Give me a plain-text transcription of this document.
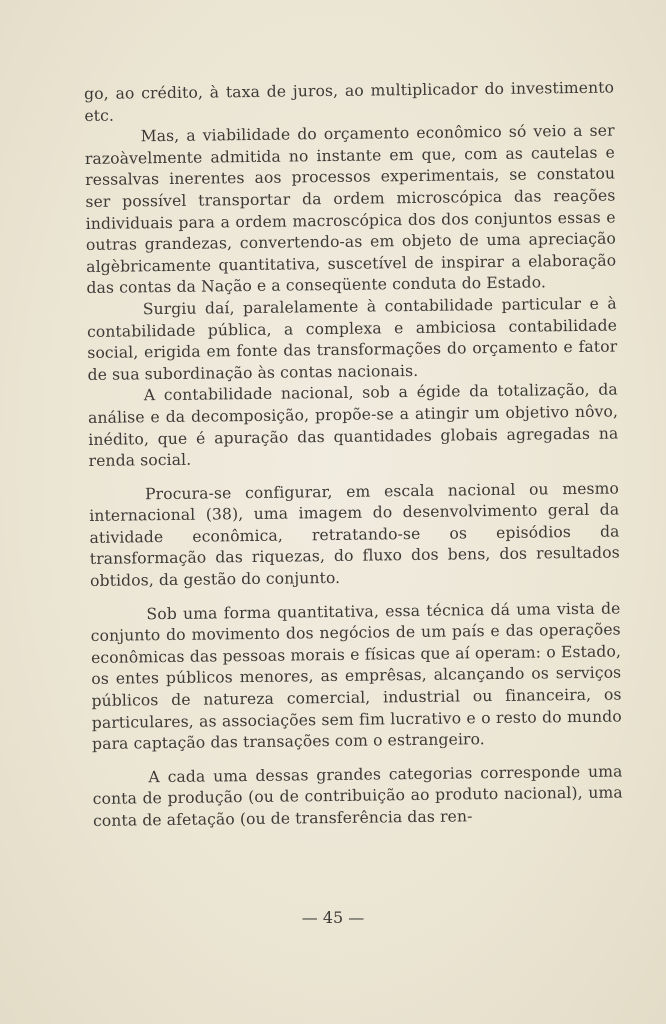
go, ao crédito, à taxa de juros, ao multiplicador do investimento etc.

Mas, a viabilidade do orçamento econômico só veio a ser razoàvelmente admitida no instante em que, com as cautelas e ressalvas inerentes aos processos experimentais, se constatou ser possível transportar da ordem microscópica das reações individuais para a ordem macroscópica dos dos conjuntos essas e outras grandezas, convertendo-as em objeto de uma apreciação algèbricamente quantitativa, suscetível de inspirar a elaboração das contas da Nação e a conseqüente conduta do Estado.

Surgiu daí, paralelamente à contabilidade particular e à contabilidade pública, a complexa e ambiciosa contabilidade social, erigida em fonte das transformações do orçamento e fator de sua subordinação às contas nacionais.

A contabilidade nacional, sob a égide da totalização, da análise e da decomposição, propõe-se a atingir um objetivo nôvo, inédito, que é apuração das quantidades globais agregadas na renda social.

Procura-se configurar, em escala nacional ou mesmo internacional (38), uma imagem do desenvolvimento geral da atividade econômica, retratando-se os episódios da transformação das riquezas, do fluxo dos bens, dos resultados obtidos, da gestão do conjunto.

Sob uma forma quantitativa, essa técnica dá uma vista de conjunto do movimento dos negócios de um país e das operações econômicas das pessoas morais e físicas que aí operam: o Estado, os entes públicos menores, as emprêsas, alcançando os serviços públicos de natureza comercial, industrial ou financeira, os particulares, as associações sem fim lucrativo e o resto do mundo para captação das transações com o estrangeiro.

A cada uma dessas grandes categorias corresponde uma conta de produção (ou de contribuição ao produto nacional), uma conta de afetação (ou de transferência das ren-

— 45 —
